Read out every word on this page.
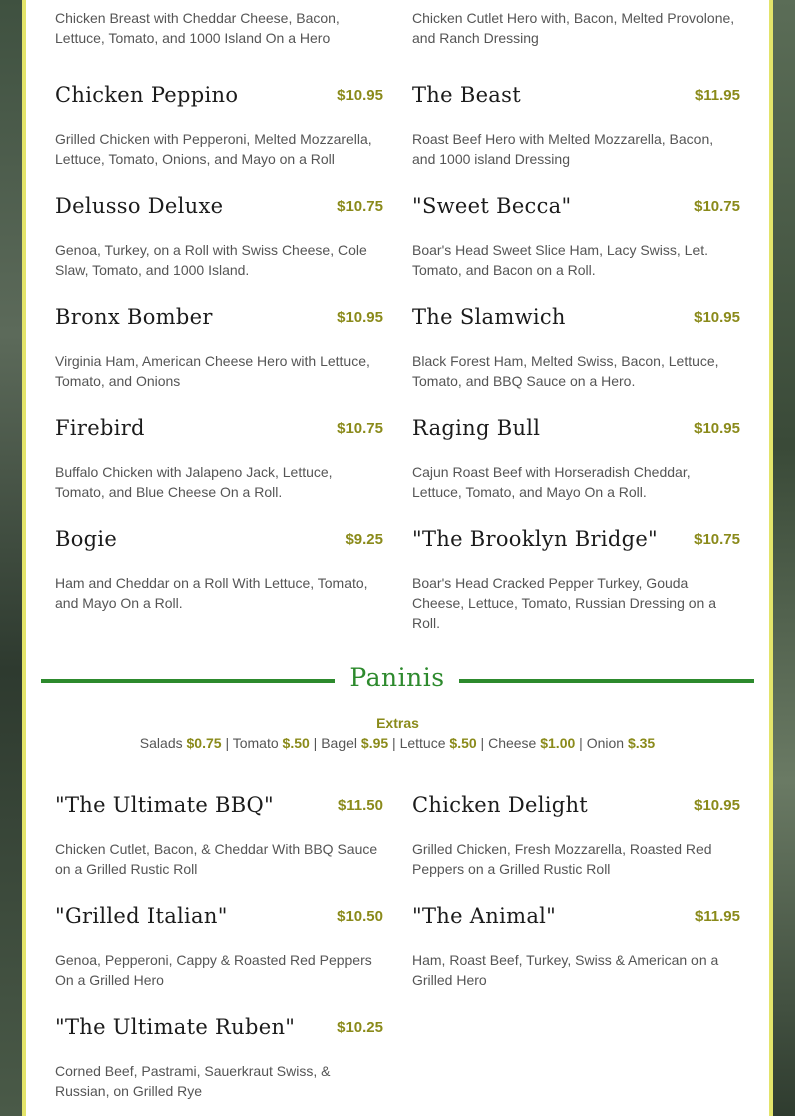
Chicken Breast with Cheddar Cheese, Bacon, Lettuce, Tomato, and 1000 Island On a Hero
Chicken Cutlet Hero with, Bacon, Melted Provolone, and Ranch Dressing
Chicken Peppino	$10.95
Grilled Chicken with Pepperoni, Melted Mozzarella, Lettuce, Tomato, Onions, and Mayo on a Roll
The Beast	$11.95
Roast Beef Hero with Melted Mozzarella, Bacon, and 1000 island Dressing
Delusso Deluxe	$10.75
Genoa, Turkey, on a Roll with Swiss Cheese, Cole Slaw, Tomato, and 1000 Island.
"Sweet Becca"	$10.75
Boar's Head Sweet Slice Ham, Lacy Swiss, Let. Tomato, and Bacon on a Roll.
Bronx Bomber	$10.95
Virginia Ham, American Cheese Hero with Lettuce, Tomato, and Onions
The Slamwich	$10.95
Black Forest Ham, Melted Swiss, Bacon, Lettuce, Tomato, and BBQ Sauce on a Hero.
Firebird	$10.75
Buffalo Chicken with Jalapeno Jack, Lettuce, Tomato, and Blue Cheese On a Roll.
Raging Bull	$10.95
Cajun Roast Beef with Horseradish Cheddar, Lettuce, Tomato, and Mayo On a Roll.
Bogie	$9.25
Ham and Cheddar on a Roll With Lettuce, Tomato, and Mayo On a Roll.
"The Brooklyn Bridge" $10.75
Boar's Head Cracked Pepper Turkey, Gouda Cheese, Lettuce, Tomato, Russian Dressing on a Roll.
Paninis
Extras
Salads $0.75 | Tomato $.50 | Bagel $.95 | Lettuce $.50 | Cheese $1.00 | Onion $.35
"The Ultimate BBQ"	$11.50
Chicken Cutlet, Bacon, & Cheddar With BBQ Sauce on a Grilled Rustic Roll
Chicken Delight	$10.95
Grilled Chicken, Fresh Mozzarella, Roasted Red Peppers on a Grilled Rustic Roll
"Grilled Italian"	$10.50
Genoa, Pepperoni, Cappy & Roasted Red Peppers On a Grilled Hero
"The Animal"	$11.95
Ham, Roast Beef, Turkey, Swiss & American on a Grilled Hero
"The Ultimate Ruben"	$10.25
Corned Beef, Pastrami, Sauerkraut Swiss, & Russian, on Grilled Rye
